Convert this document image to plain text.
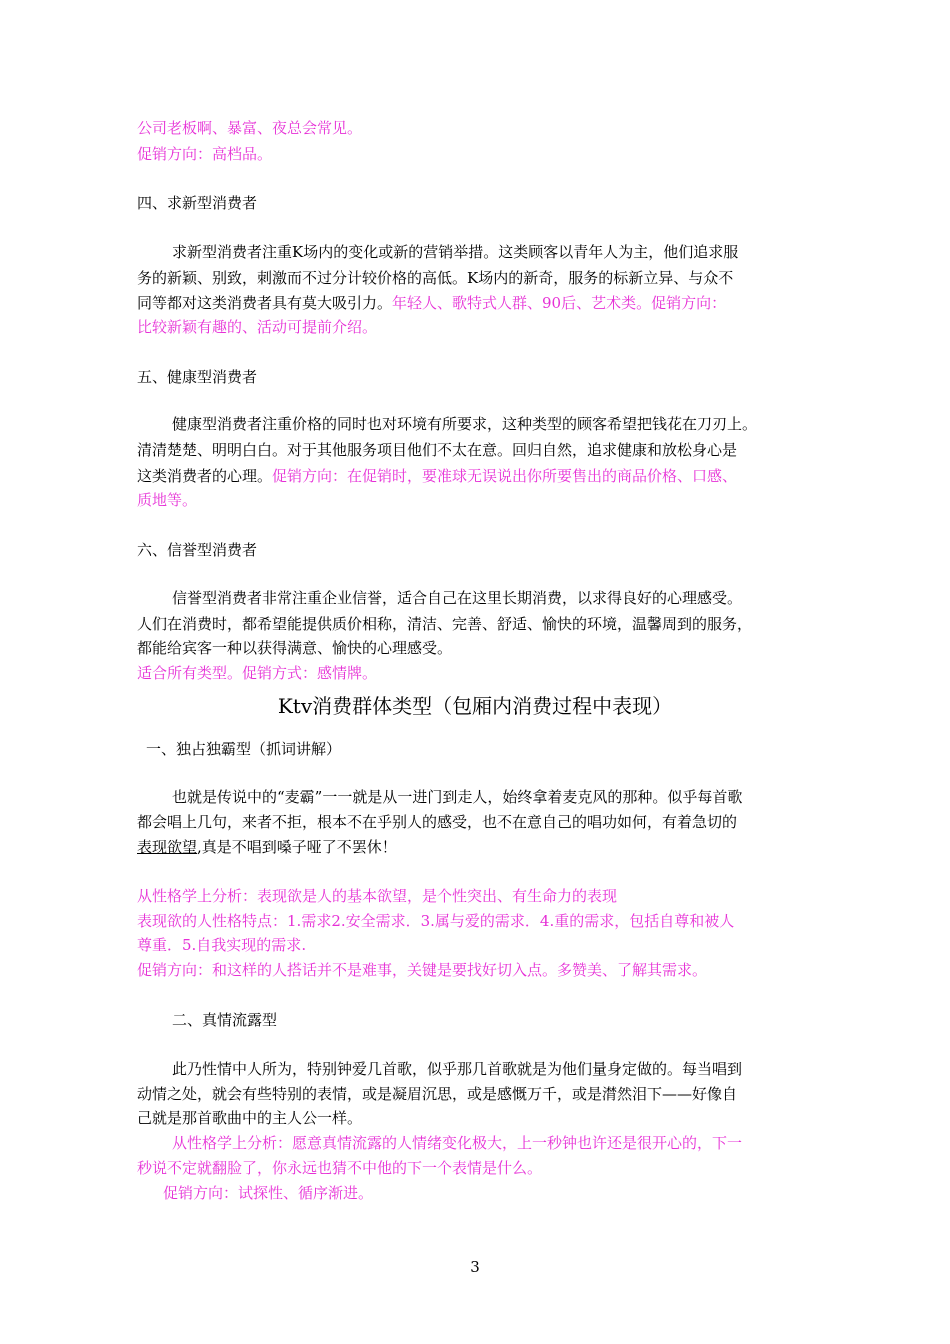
公司老板啊、暴富、夜总会常见。
促销方向：高档品。
四、求新型消费者
求新型消费者注重K场内的变化或新的营销举措。这类顾客以青年人为主，他们追求服
务的新颖、别致，刺激而不过分计较价格的高低。K场内的新奇，服务的标新立异、与众不
同等都对这类消费者具有莫大吸引力。年轻人、歌特式人群、90后、艺术类。促销方向：
比较新颖有趣的、活动可提前介绍。
五、健康型消费者
健康型消费者注重价格的同时也对环境有所要求，这种类型的顾客希望把钱花在刀刃上。
清清楚楚、明明白白。对于其他服务项目他们不太在意。回归自然，追求健康和放松身心是
这类消费者的心理。促销方向：在促销时，要准球无误说出你所要售出的商品价格、口感、
质地等。
六、信誉型消费者
信誉型消费者非常注重企业信誉，适合自己在这里长期消费，以求得良好的心理感受。
人们在消费时，都希望能提供质价相称，清洁、完善、舒适、愉快的环境，温馨周到的服务，
都能给宾客一种以获得满意、愉快的心理感受。
适合所有类型。促销方式：感情牌。
Ktv消费群体类型（包厢内消费过程中表现）
一、独占独霸型（抓词讲解）
也就是传说中的“麦霸”一一就是从一进门到走人，始终拿着麦克风的那种。似乎每首歌
都会唱上几句，来者不拒，根本不在乎别人的感受，也不在意自己的唱功如何，有着急切的
表现欲望,真是不唱到嗓子哑了不罢休！
从性格学上分析：表现欲是人的基本欲望，是个性突出、有生命力的表现
表现欲的人性格特点：1.需求2.安全需求．3.属与爱的需求．4.重的需求，包括自尊和被人
尊重．5.自我实现的需求.
促销方向：和这样的人搭话并不是难事，关键是要找好切入点。多赞美、了解其需求。
二、真情流露型
此乃性情中人所为，特别钟爱几首歌，似乎那几首歌就是为他们量身定做的。每当唱到
动情之处，就会有些特别的表情，或是凝眉沉思，或是感慨万千，或是潸然泪下——好像自
己就是那首歌曲中的主人公一样。
从性格学上分析：愿意真情流露的人情绪变化极大，上一秒钟也许还是很开心的，下一
秒说不定就翻脸了，你永远也猜不中他的下一个表情是什么。
促销方向：试探性、循序渐进。
3
